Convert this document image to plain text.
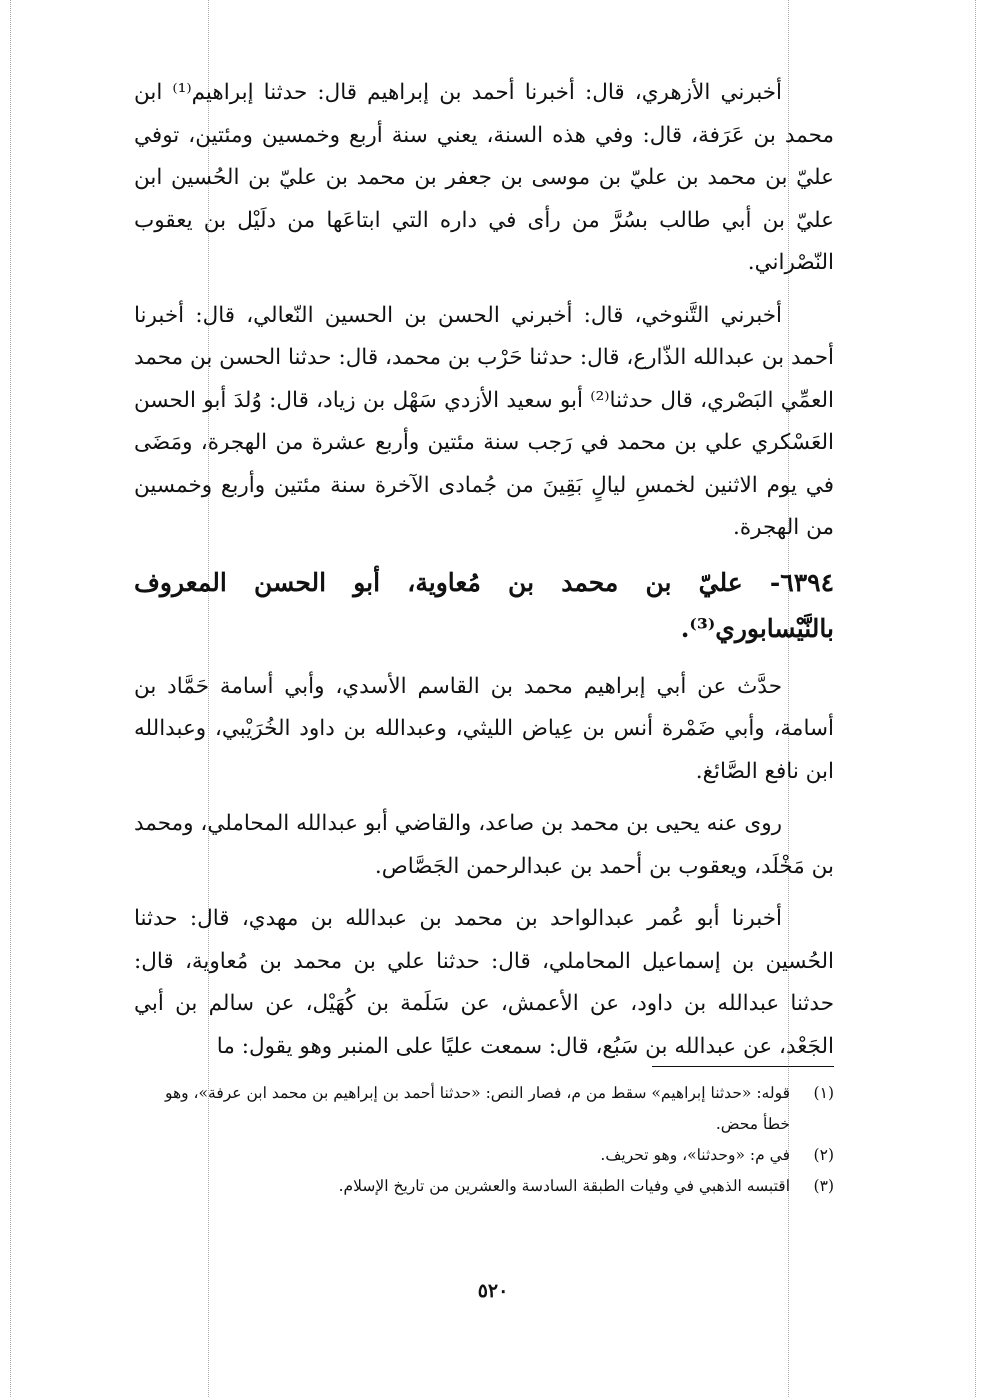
أخبرني الأزهري، قال: أخبرنا أحمد بن إبراهيم قال: حدثنا إبراهيم⁽¹⁾ ابن محمد بن عَرَفة، قال: وفي هذه السنة، يعني سنة أربع وخمسين ومئتين، توفي عليّ بن محمد بن عليّ بن موسى بن جعفر بن محمد بن عليّ بن الحُسين ابن عليّ بن أبي طالب بسُرَّ من رأى في داره التي ابتاعَها من دلَيْل بن يعقوب النّصْراني.

أخبرني التَّنوخي، قال: أخبرني الحسن بن الحسين النّعالي، قال: أخبرنا أحمد بن عبدالله الذّارع، قال: حدثنا حَرْب بن محمد، قال: حدثنا الحسن بن محمد العمِّي البَصْري، قال حدثنا⁽²⁾ أبو سعيد الأزدي سَهْل بن زياد، قال: وُلدَ أبو الحسن العَسْكري علي بن محمد في رَجب سنة مئتين وأربع عشرة من الهجرة، ومَضَى في يوم الاثنين لخمسِ ليالٍ بَقِينَ من جُمادى الآخرة سنة مئتين وأربع وخمسين من الهجرة.

٦٣٩٤- عليّ بن محمد بن مُعاوية، أبو الحسن المعروف بالنَّيْسابوري⁽³⁾.

حدَّث عن أبي إبراهيم محمد بن القاسم الأسدي، وأبي أسامة حَمَّاد بن أسامة، وأبي ضَمْرة أنس بن عِياض الليثي، وعبدالله بن داود الخُرَيْبي، وعبدالله ابن نافع الصَّائغ.

روى عنه يحيى بن محمد بن صاعد، والقاضي أبو عبدالله المحاملي، ومحمد بن مَخْلَد، ويعقوب بن أحمد بن عبدالرحمن الجَصَّاص.

أخبرنا أبو عُمر عبدالواحد بن محمد بن عبدالله بن مهدي، قال: حدثنا الحُسين بن إسماعيل المحاملي، قال: حدثنا علي بن محمد بن مُعاوية، قال: حدثنا عبدالله بن داود، عن الأعمش، عن سَلَمة بن كُهَيْل، عن سالم بن أبي الجَعْد، عن عبدالله بن سَبُع، قال: سمعت عليًا على المنبر وهو يقول: ما

(١)
قوله: «حدثنا إبراهيم» سقط من م، فصار النص: «حدثنا أحمد بن إبراهيم بن محمد ابن عرفة»، وهو خطأ محض.

(٢)
في م: «وحدثنا»، وهو تحريف.

(٣)
اقتبسه الذهبي في وفيات الطبقة السادسة والعشرين من تاريخ الإسلام.

٥٢٠
